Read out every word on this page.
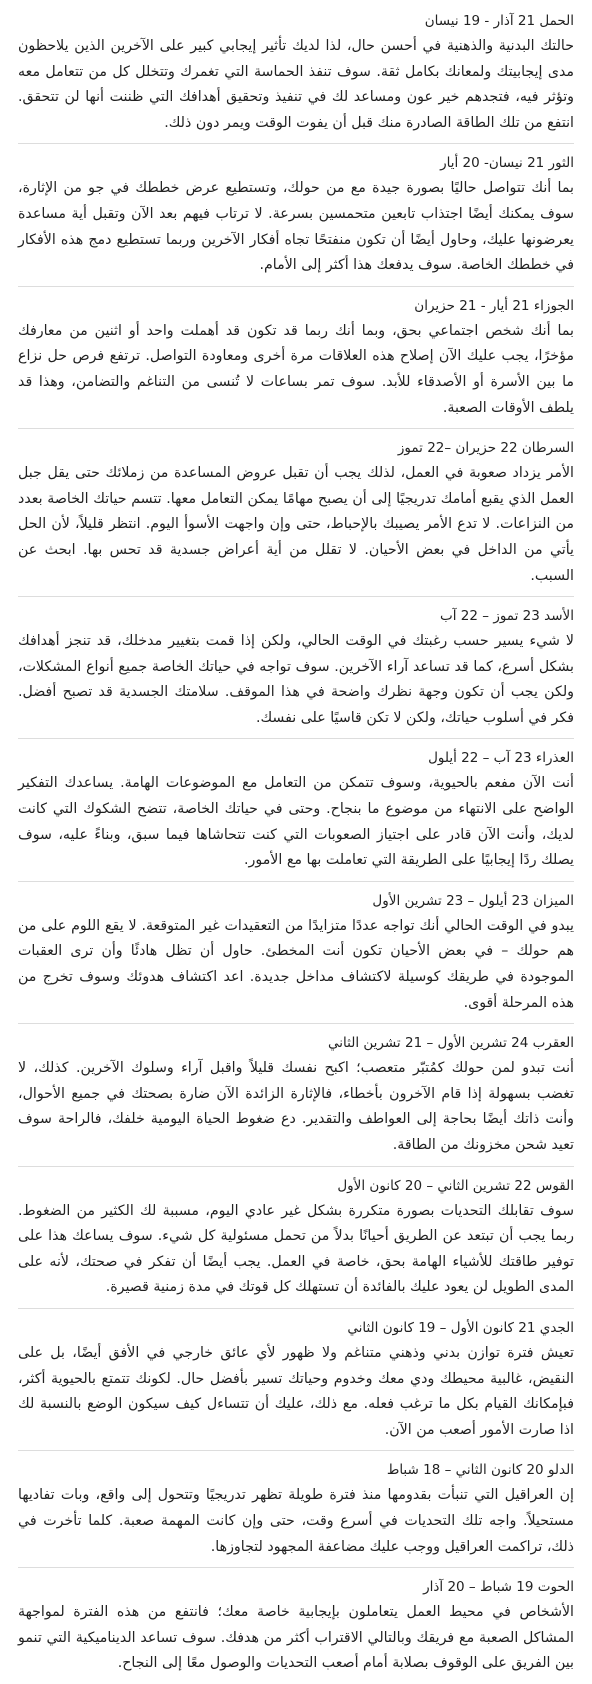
الحمل 21 آذار - 19 نيسان

حالتك البدنية والذهنية في أحسن حال، لذا لديك تأثير إيجابي كبير على الآخرين الذين يلاحظون مدى إيجابيتك ولمعانك بكامل ثقة. سوف تنفذ الحماسة التي تغمرك وتتخلل كل من تتعامل معه وتؤثر فيه، فتجدهم خير عون ومساعد لك في تنفيذ وتحقيق أهدافك التي ظننت أنها لن تتحقق. انتفع من تلك الطاقة الصادرة منك قبل أن يفوت الوقت ويمر دون ذلك.

الثور 21 نيسان- 20 أيار

بما أنك تتواصل حاليًا بصورة جيدة مع من حولك، وتستطيع عرض خططك في جو من الإثارة، سوف يمكنك أيضًا اجتذاب تابعين متحمسين بسرعة. لا ترتاب فيهم بعد الآن وتقبل أية مساعدة يعرضونها عليك، وحاول أيضًا أن تكون منفتحًا تجاه أفكار الآخرين وربما تستطيع دمج هذه الأفكار في خططك الخاصة. سوف يدفعك هذا أكثر إلى الأمام.

الجوزاء 21 أيار - 21 حزيران

بما أنك شخص اجتماعي بحق، وبما أنك ربما قد تكون قد أهملت واحد أو اثنين من معارفك مؤخرًا، يجب عليك الآن إصلاح هذه العلاقات مرة أخرى ومعاودة التواصل. ترتفع فرص حل نزاع ما بين الأسرة أو الأصدقاء للأبد. سوف تمر بساعات لا تُنسى من التناغم والتضامن، وهذا قد يلطف الأوقات الصعبة.

السرطان 22 حزيران –22 تموز

الأمر يزداد صعوبة في العمل، لذلك يجب أن تقبل عروض المساعدة من زملائك حتى يقل جبل العمل الذي يقبع أمامك تدريجيًا إلى أن يصبح مهامًا يمكن التعامل معها. تتسم حياتك الخاصة بعدد من النزاعات. لا تدع الأمر يصيبك بالإحباط، حتى وإن واجهت الأسوأ اليوم. انتظر قليلاً، لأن الحل يأتي من الداخل في بعض الأحيان. لا تقلل من أية أعراض جسدية قد تحس بها. ابحث عن السبب.

الأسد 23 تموز – 22 آب

لا شيء يسير حسب رغبتك في الوقت الحالي، ولكن إذا قمت بتغيير مدخلك، قد تنجز أهدافك بشكل أسرع، كما قد تساعد آراء الآخرين. سوف تواجه في حياتك الخاصة جميع أنواع المشكلات، ولكن يجب أن تكون وجهة نظرك واضحة في هذا الموقف. سلامتك الجسدية قد تصبح أفضل. فكر في أسلوب حياتك، ولكن لا تكن قاسيًا على نفسك.

العذراء 23 آب – 22 أيلول

أنت الآن مفعم بالحيوية، وسوف تتمكن من التعامل مع الموضوعات الهامة. يساعدك التفكير الواضح على الانتهاء من موضوع ما بنجاح. وحتى في حياتك الخاصة، تتضح الشكوك التي كانت لديك، وأنت الآن قادر على اجتياز الصعوبات التي كنت تتحاشاها فيما سبق، وبناءً عليه، سوف يصلك ردًا إيجابيًا على الطريقة التي تعاملت بها مع الأمور.

الميزان 23 أيلول – 23 تشرين الأول

يبدو في الوقت الحالي أنك تواجه عددًا متزايدًا من التعقيدات غير المتوقعة. لا يقع اللوم على من هم حولك – في بعض الأحيان تكون أنت المخطئ. حاول أن تظل هادئًا وأن ترى العقبات الموجودة في طريقك كوسيلة لاكتشاف مداخل جديدة. اعد اكتشاف هدوئك وسوف تخرج من هذه المرحلة أقوى.

العقرب 24 تشرين الأول – 21 تشرين الثاني

أنت تبدو لمن حولك كمُتبّر متعصب؛ اكبح نفسك قليلاً واقبل آراء وسلوك الآخرين. كذلك، لا تغضب بسهولة إذا قام الآخرون بأخطاء، فالإثارة الزائدة الآن ضارة بصحتك في جميع الأحوال، وأنت ذاتك أيضًا بحاجة إلى العواطف والتقدير. دع ضغوط الحياة اليومية خلفك، فالراحة سوف تعيد شحن مخزونك من الطاقة.

القوس 22 تشرين الثاني – 20 كانون الأول

سوف تقابلك التحديات بصورة متكررة بشكل غير عادي اليوم، مسببة لك الكثير من الضغوط. ربما يجب أن تبتعد عن الطريق أحيانًا بدلاً من تحمل مسئولية كل شيء. سوف يساعك هذا على توفير طاقتك للأشياء الهامة بحق، خاصة في العمل. يجب أيضًا أن تفكر في صحتك، لأنه على المدى الطويل لن يعود عليك بالفائدة أن تستهلك كل قوتك في مدة زمنية قصيرة.

الجدي 21 كانون الأول – 19 كانون الثاني

تعيش فترة توازن بدني وذهني متناغم ولا ظهور لأي عائق خارجي في الأفق أيضًا، بل على النقيض، غالبية محيطك ودي معك وخدوم وحياتك تسير بأفضل حال. لكونك تتمتع بالحيوية أكثر، فبإمكانك القيام بكل ما ترغب فعله. مع ذلك، عليك أن تتساءل كيف سيكون الوضع بالنسبة لك اذا صارت الأمور أصعب من الآن.

الدلو 20 كانون الثاني – 18 شباط

إن العراقيل التي تنبأت بقدومها منذ فترة طويلة تظهر تدريجيًا وتتحول إلى واقع، وبات تفاديها مستحيلاً. واجه تلك التحديات في أسرع وقت، حتى وإن كانت المهمة صعبة. كلما تأخرت في ذلك، تراكمت العراقيل ووجب عليك مضاعفة المجهود لتجاوزها.

الحوت 19 شباط – 20 آذار

الأشخاص في محيط العمل يتعاملون بإيجابية خاصة معك؛ فانتفع من هذه الفترة لمواجهة المشاكل الصعبة مع فريقك وبالتالي الاقتراب أكثر من هدفك. سوف تساعد الديناميكية التي تنمو بين الفريق على الوقوف بصلابة أمام أصعب التحديات والوصول معًا إلى النجاح.
